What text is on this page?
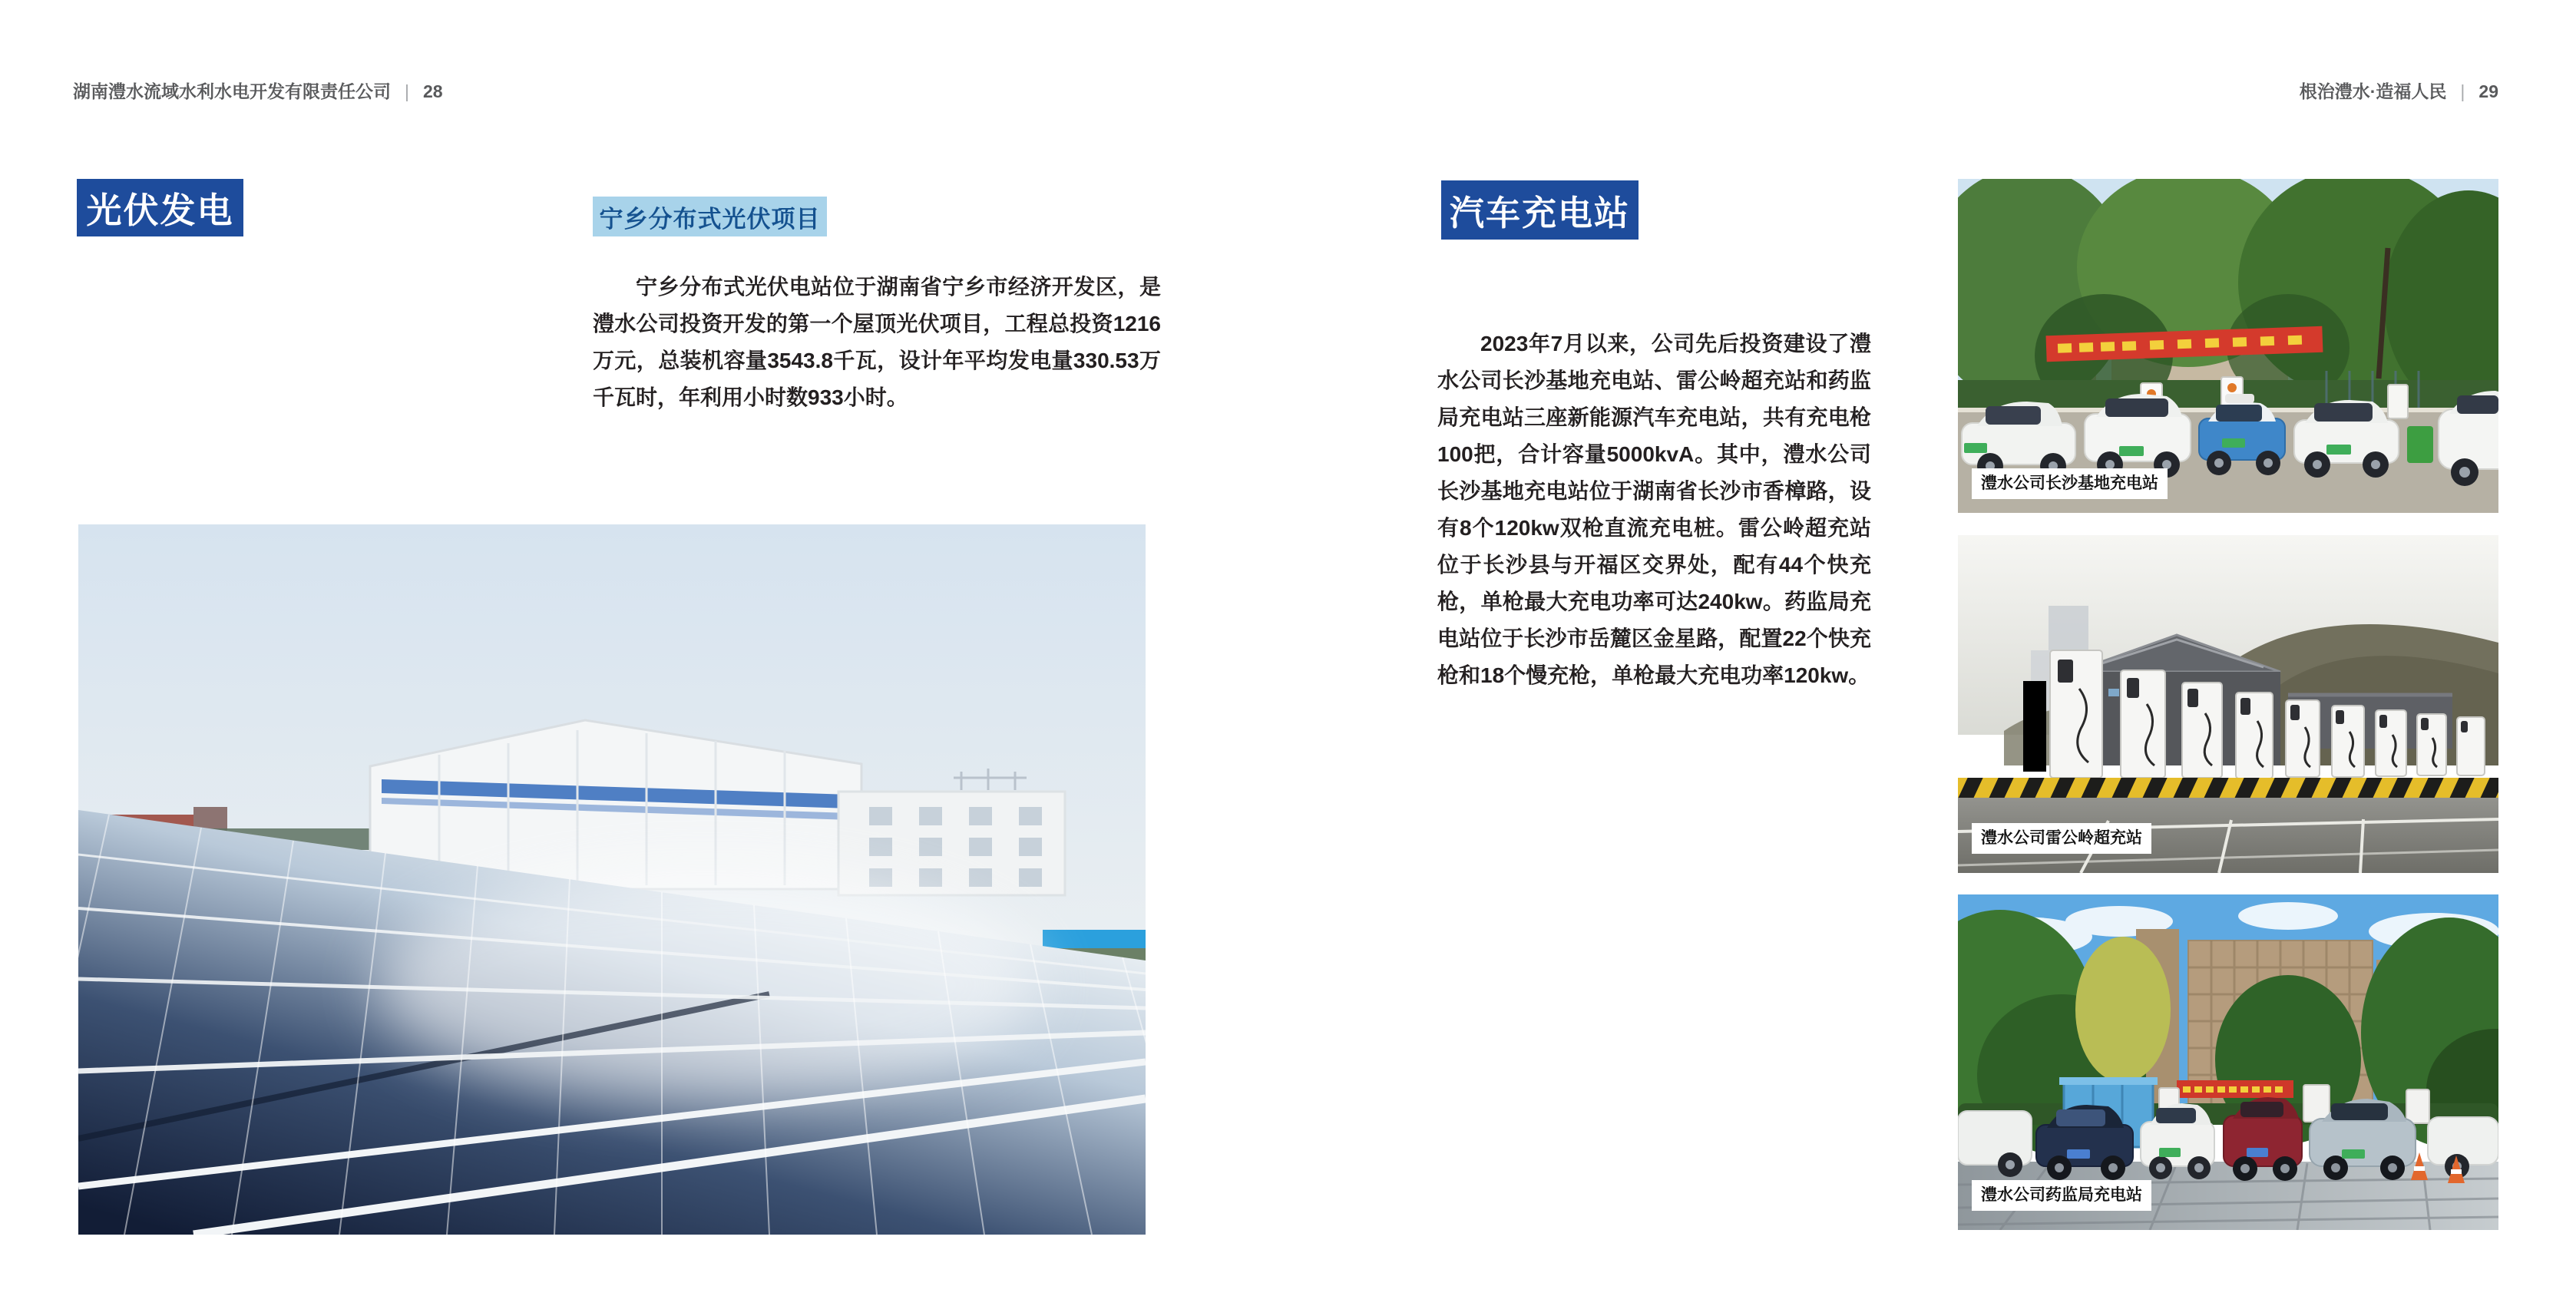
湖南澧水流域水利水电开发有限责任公司 | 28	根治澧水·造福人民 | 29
光伏发电	宁乡分布式光伏项目
宁乡分布式光伏电站位于湖南省宁乡市经济开发区，是澧水公司投资开发的第一个屋顶光伏项目，工程总投资1216万元，总装机容量3543.8千瓦，设计年平均发电量330.53万千瓦时，年利用小时数933小时。
汽车充电站
2023年7月以来，公司先后投资建设了澧水公司长沙基地充电站、雷公岭超充站和药监局充电站三座新能源汽车充电站，共有充电枪100把，合计容量5000kvA。其中，澧水公司长沙基地充电站位于湖南省长沙市香樟路，设有8个120kw双枪直流充电桩。雷公岭超充站位于长沙县与开福区交界处，配有44个快充枪，单枪最大充电功率可达240kw。药监局充电站位于长沙市岳麓区金星路，配置22个快充枪和18个慢充枪，单枪最大充电功率120kw。
澧水公司长沙基地充电站
澧水公司雷公岭超充站
澧水公司药监局充电站
